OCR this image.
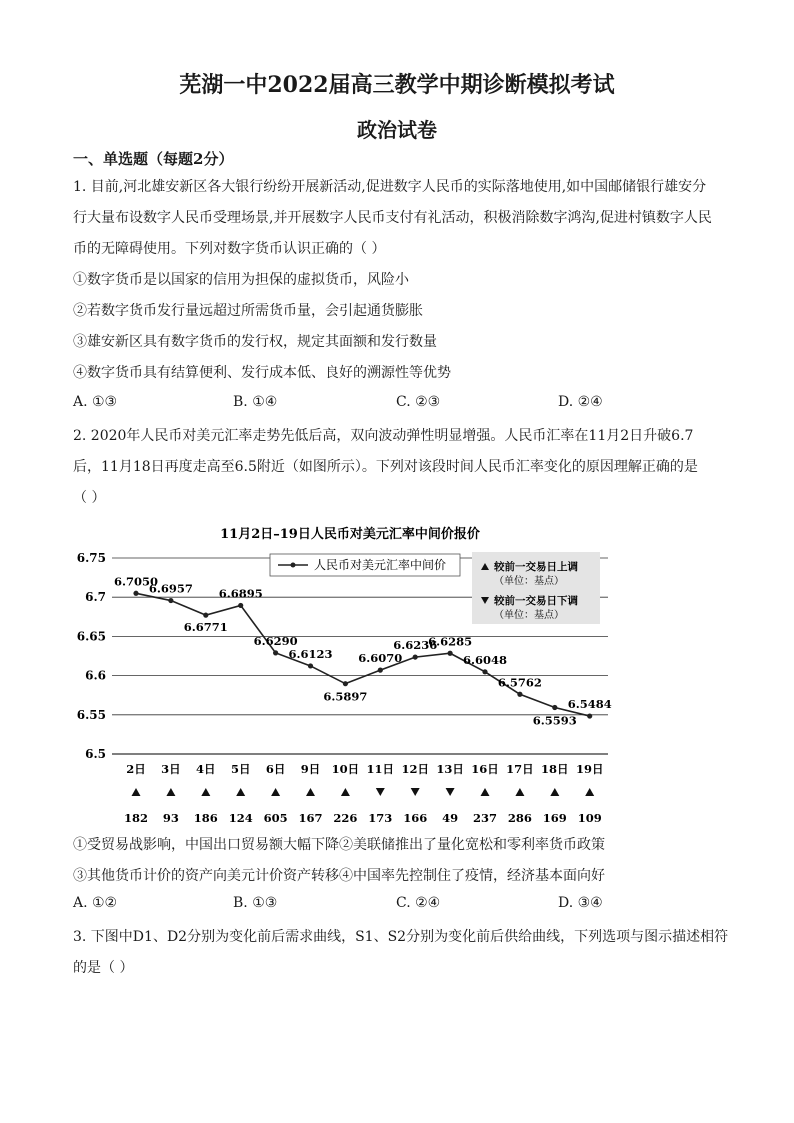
芜湖一中2022届高三教学中期诊断模拟考试
政治试卷
一、单选题（每题2分）
1. 目前,河北雄安新区各大银行纷纷开展新活动,促进数字人民币的实际落地使用,如中国邮储银行雄安分
行大量布设数字人民币受理场景,并开展数字人民币支付有礼活动，积极消除数字鸿沟,促进村镇数字人民
币的无障碍使用。下列对数字货币认识正确的（ ）
①数字货币是以国家的信用为担保的虚拟货币，风险小
②若数字货币发行量远超过所需货币量，会引起通货膨胀
③雄安新区具有数字货币的发行权，规定其面额和发行数量
④数字货币具有结算便利、发行成本低、良好的溯源性等优势
A. ①③	B. ①④	C. ②③	D. ②④
2. 2020年人民币对美元汇率走势先低后高，双向波动弹性明显增强。人民币汇率在11月2日升破6.7
后，11月18日再度走高至6.5附近（如图所示）。下列对该段时间人民币汇率变化的原因理解正确的是
（ ）
11月2日–19日人民币对美元汇率中间价报价
6.75
6.7
6.65
6.6
6.55
6.5
6.7050
6.6957
6.6771
6.6895
6.6290
6.6123
6.5897
6.6070
6.6236
6.6285
6.6048
6.5762
6.5593
6.5484
2日 3日 4日 5日 6日 9日 10日 11日 12日 13日 16日 17日 18日 19日
182 93 186 124 605 167 226 173 166 49 237 286 169 109
人民币对美元汇率中间价	较前一交易日上调
（单位：基点）
较前一交易日下调
（单位：基点）
①受贸易战影响，中国出口贸易额大幅下降②美联储推出了量化宽松和零利率货币政策
③其他货币计价的资产向美元计价资产转移④中国率先控制住了疫情，经济基本面向好
A. ①②	B. ①③	C. ②④	D. ③④
3. 下图中D1、D2分别为变化前后需求曲线，S1、S2分别为变化前后供给曲线，下列选项与图示描述相符
的是（ ）
